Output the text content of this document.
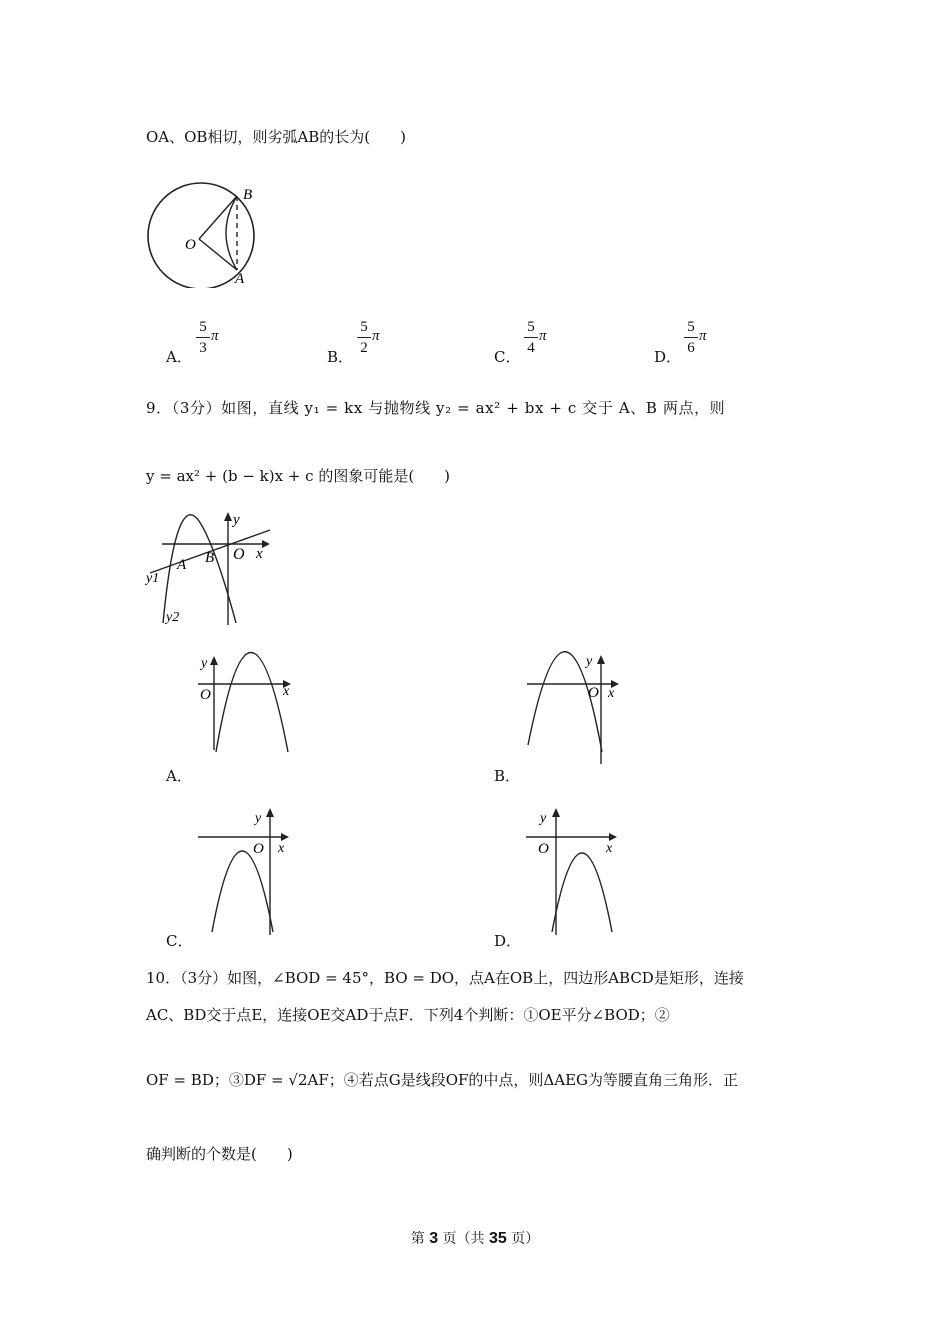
OA、OB相切，则劣弧AB的长为(　　)
O
B
A
A．
5
3
π
B．
5
2
π
C．
5
4
π
D．
5
6
π
9．（3分）如图，直线 y₁ = kx 与抛物线 y₂ = ax² + bx + c 交于 A、B 两点，则
y = ax² + (b − k)x + c 的图象可能是(　　)
y
x
O
A B
y1
y2
y
x
O
A．
y
x
O
B．
y
x
O
C．
y
x
O
D．
10．（3分）如图，∠BOD = 45°，BO = DO，点A在OB上，四边形ABCD是矩形，连接
AC、BD交于点E，连接OE交AD于点F．下列4个判断：①OE平分∠BOD；②
OF = BD；③DF = √2AF；④若点G是线段OF的中点，则ΔAEG为等腰直角三角形．正
确判断的个数是(　　)
第 3 页（共 35 页）
